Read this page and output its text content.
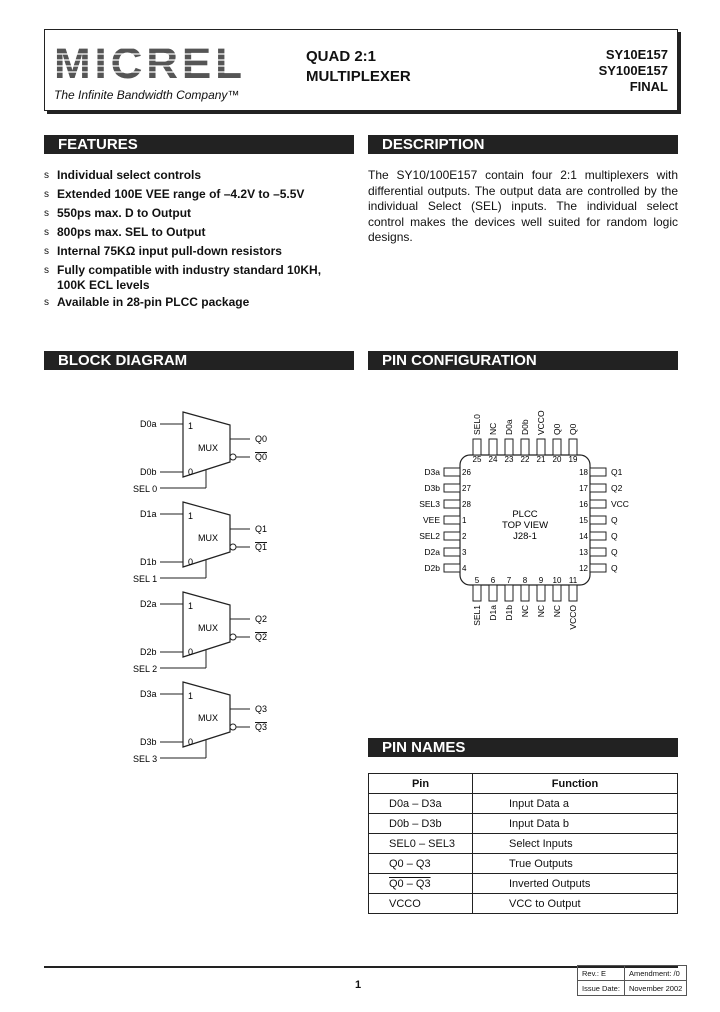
MICREL
The Infinite Bandwidth Company™
QUAD 2:1
MULTIPLEXER
SY10E157
SY100E157
FINAL
FEATURES	DESCRIPTION
BLOCK DIAGRAM	PIN CONFIGURATION
PIN NAMES
s Individual select controls
s Extended 100E VEE range of –4.2V to –5.5V
s 550ps max. D to Output
s 800ps max. SEL to Output
s Internal 75KΩ input pull-down resistors
s Fully compatible with industry standard 10KH,
100K ECL levels
s Available in 28-pin PLCC package
The SY10/100E157 contain four 2:1 multiplexers with differential outputs. The output data are controlled by the individual Select (SEL) inputs. The individual select control makes the devices well suited for random logic designs.
D0a
D0b
SEL 0
1
0
MUX
Q0
Q0
D1a
D1b
SEL 1
1
0
MUX
Q1
Q1
D2a
D2b
SEL 2
1
0
MUX
Q2
Q2
D3a
D3b
SEL 3
1
0
MUX
Q3
Q3
PLCC
TOP VIEW
J28-1
25
SEL0
5
SEL1
26
D3a	18	Q1
24
NC
6
D1a
27
D3b	17	Q2
23
D0a
7
D1b
28
SEL3	16	VCC
22
D0b
8
NC
1
VEE	15	Q
21
VCCO
9
NC
2
SEL2	14	Q
20
Q0
10
NC
3
D2a	13	Q
19
Q0
11
VCCO
4
D2b	12	Q
Pin	Function
D0a – D3a	Input Data a
D0b – D3b	Input Data b
SEL0 – SEL3	Select Inputs
Q0 – Q3	True Outputs
Q0 – Q3	Inverted Outputs
VCCO	VCC to Output
Rev.: E	Amendment: /0
Issue Date:	November 2002
1
